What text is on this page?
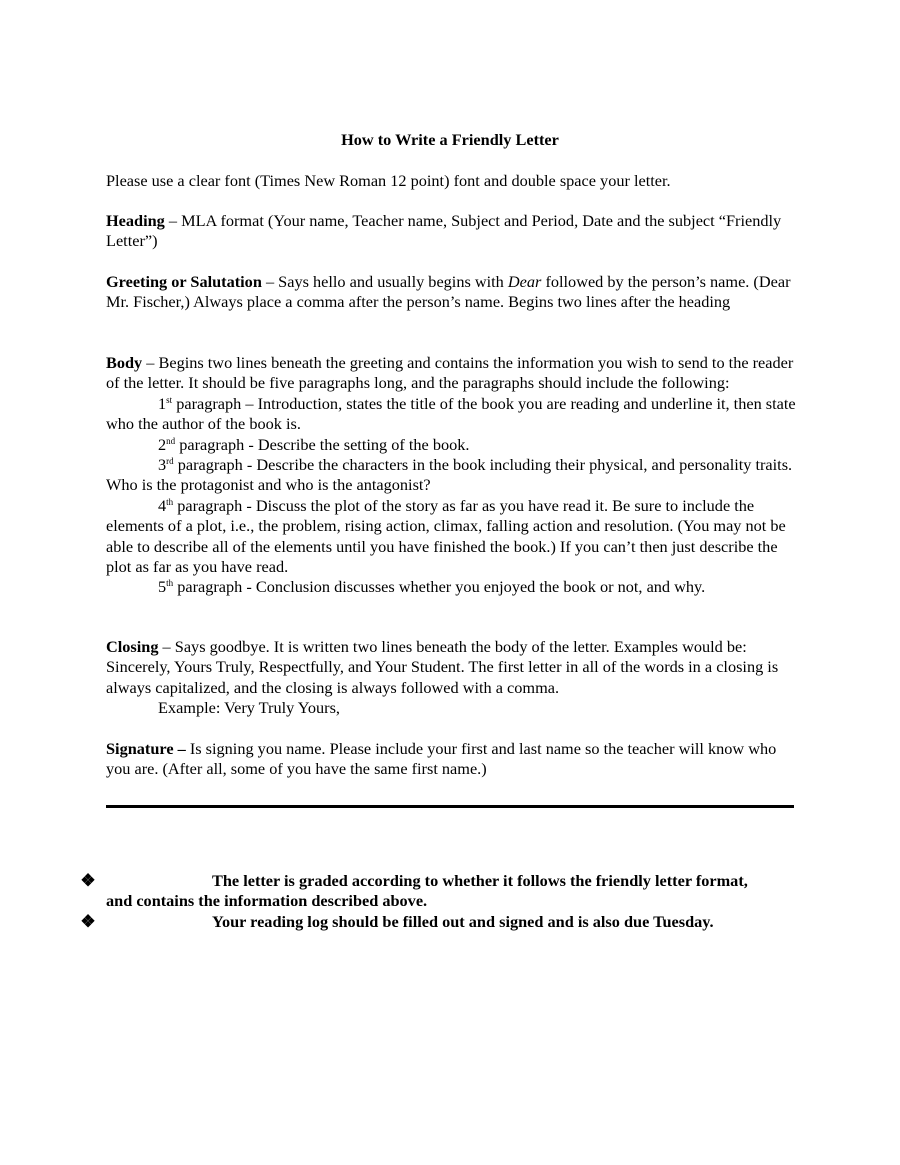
How to Write a Friendly Letter
Please use a clear font (Times New Roman 12 point) font and double space your letter.
Heading – MLA format (Your name, Teacher name, Subject and Period, Date and the subject “Friendly Letter”)
Greeting or Salutation – Says hello and usually begins with Dear followed by the person’s name. (Dear Mr. Fischer,) Always place a comma after the person’s name. Begins two lines after the heading
Body – Begins two lines beneath the greeting and contains the information you wish to send to the reader of the letter. It should be five paragraphs long, and the paragraphs should include the following:
1st paragraph – Introduction, states the title of the book you are reading and underline it, then state who the author of the book is.
2nd paragraph - Describe the setting of the book.
3rd paragraph - Describe the characters in the book including their physical, and personality traits. Who is the protagonist and who is the antagonist?
4th paragraph - Discuss the plot of the story as far as you have read it. Be sure to include the elements of a plot, i.e., the problem, rising action, climax, falling action and resolution. (You may not be able to describe all of the elements until you have finished the book.) If you can’t then just describe the plot as far as you have read.
5th paragraph - Conclusion discusses whether you enjoyed the book or not, and why.
Closing – Says goodbye. It is written two lines beneath the body of the letter. Examples would be: Sincerely, Yours Truly, Respectfully, and Your Student. The first letter in all of the words in a closing is always capitalized, and the closing is always followed with a comma.
Example: Very Truly Yours,
Signature – Is signing you name. Please include your first and last name so the teacher will know who you are. (After all, some of you have the same first name.)
❖	The letter is graded according to whether it follows the friendly letter format,
and contains the information described above.
❖	Your reading log should be filled out and signed and is also due Tuesday.
